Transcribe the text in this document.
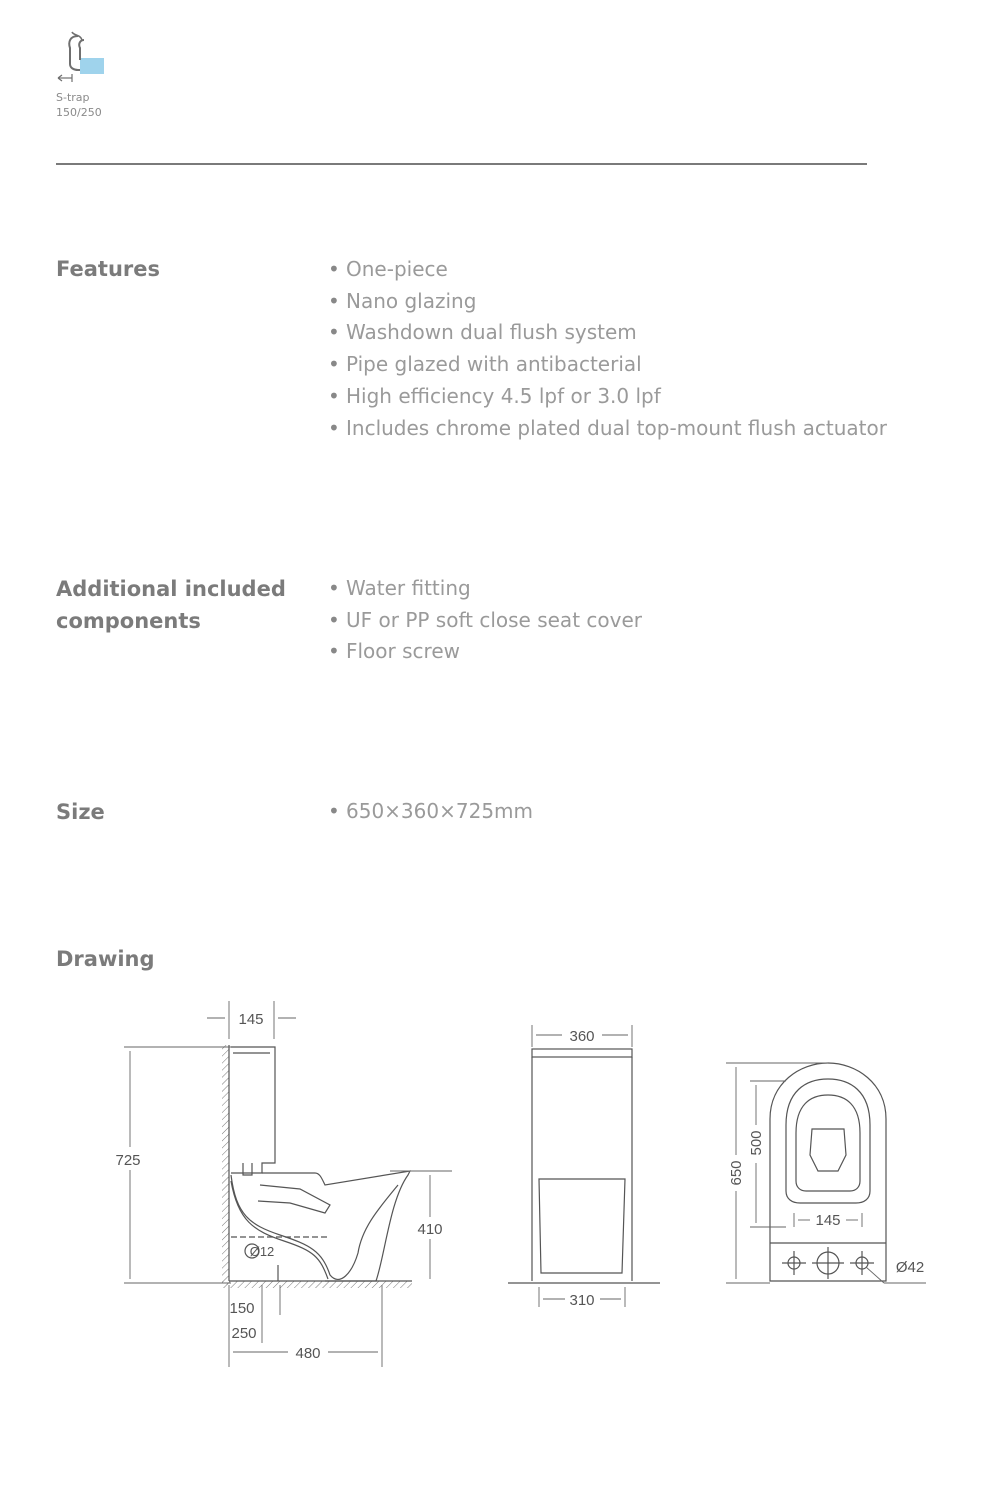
S-trap
150/250
Features	• One-piece
• Nano glazing
• Washdown dual flush system
• Pipe glazed with antibacterial
• High efficiency 4.5 lpf or 3.0 lpf
• Includes chrome plated dual top-mount flush actuator
Additional included
components
• Water fitting
• UF or PP soft close seat cover
• Floor screw
Size	• 650×360×725mm
Drawing
145
725
410
Ø12
150
250
480
360
310
650
500
145
Ø42
